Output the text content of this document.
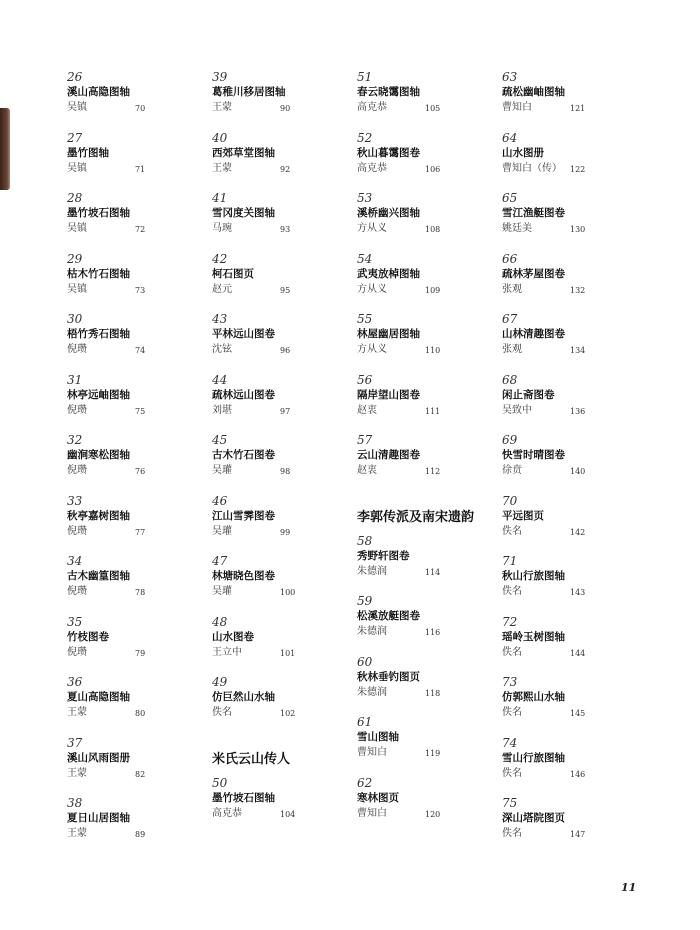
26
溪山高隐图轴
吴镇	70
27
墨竹图轴
吴镇	71
28
墨竹坡石图轴
吴镇	72
29
枯木竹石图轴
吴镇	73
30
梧竹秀石图轴
倪瓒	74
31
林亭远岫图轴
倪瓒	75
32
幽涧寒松图轴
倪瓒	76
33
秋亭嘉树图轴
倪瓒	77
34
古木幽篁图轴
倪瓒	78
35
竹枝图卷
倪瓒	79
36
夏山高隐图轴
王蒙	80
37
溪山风雨图册
王蒙	82
38
夏日山居图轴
王蒙	89
39
葛稚川移居图轴
王蒙	90
40
西郊草堂图轴
王蒙	92
41
雪冈度关图轴
马琬	93
42
柯石图页
赵元	95
43
平林远山图卷
沈铉	96
44
疏林远山图卷
刘堪	97
45
古木竹石图卷
吴瓘	98
46
江山雪霁图卷
吴瓘	99
47
林塘晓色图卷
吴瓘	100
48
山水图卷
王立中	101
49
仿巨然山水轴
佚名	102
米氏云山传人
50
墨竹坡石图轴
高克恭	104
51
春云晓霭图轴
高克恭	105
52
秋山暮霭图卷
高克恭	106
53
溪桥幽兴图轴
方从义	108
54
武夷放棹图轴
方从义	109
55
林屋幽居图轴
方从义	110
56
隔岸望山图卷
赵衷	111
57
云山清趣图卷
赵衷	112
李郭传派及南宋遗韵
58
秀野轩图卷
朱德润	114
59
松溪放艇图卷
朱德润	116
60
秋林垂钓图页
朱德润	118
61
雪山图轴
曹知白	119
62
寒林图页
曹知白	120
63
疏松幽岫图轴
曹知白	121
64
山水图册
曹知白（传） 122
65
雪江渔艇图卷
姚廷美	130
66
疏林茅屋图卷
张观	132
67
山林清趣图卷
张观	134
68
闲止斋图卷
吴致中	136
69
快雪时晴图卷
徐贲	140
70
平远图页
佚名	142
71
秋山行旅图轴
佚名	143
72
瑶岭玉树图轴
佚名	144
73
仿郭熙山水轴
佚名	145
74
雪山行旅图轴
佚名	146
75
深山塔院图页
佚名	147
11
